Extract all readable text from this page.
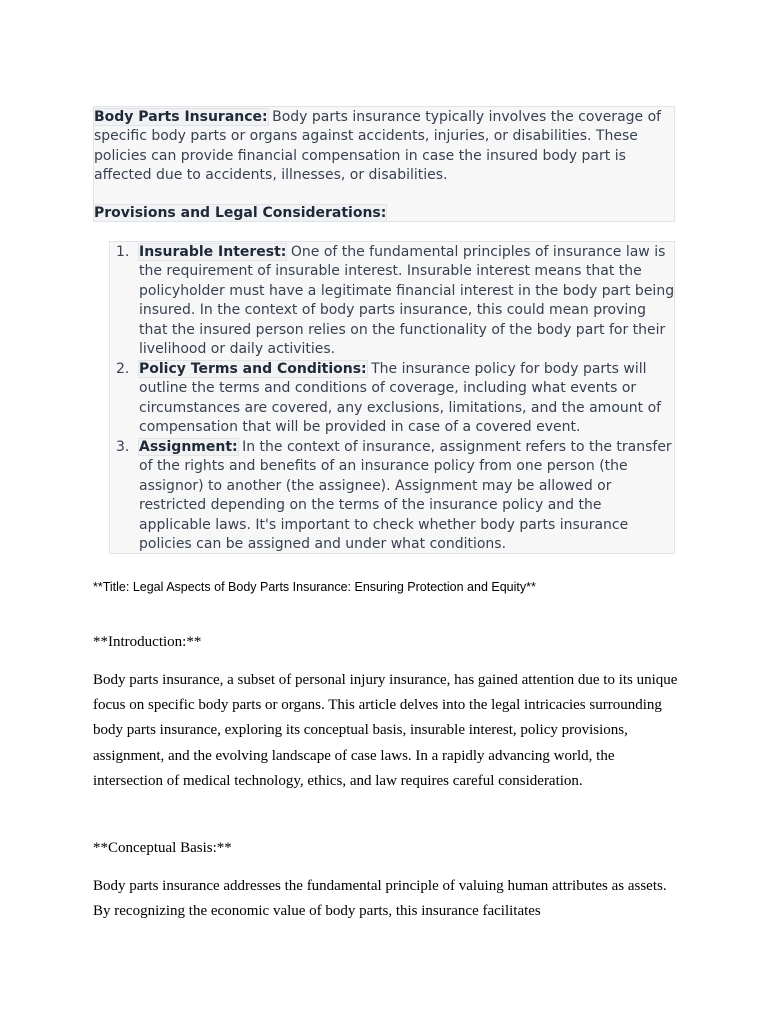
Body Parts Insurance: Body parts insurance typically involves the coverage of specific body parts or organs against accidents, injuries, or disabilities. These policies can provide financial compensation in case the insured body part is affected due to accidents, illnesses, or disabilities.

Provisions and Legal Considerations:

1. Insurable Interest: One of the fundamental principles of insurance law is the requirement of insurable interest. Insurable interest means that the policyholder must have a legitimate financial interest in the body part being insured. In the context of body parts insurance, this could mean proving that the insured person relies on the functionality of the body part for their livelihood or daily activities.

2. Policy Terms and Conditions: The insurance policy for body parts will outline the terms and conditions of coverage, including what events or circumstances are covered, any exclusions, limitations, and the amount of compensation that will be provided in case of a covered event.

3. Assignment: In the context of insurance, assignment refers to the transfer of the rights and benefits of an insurance policy from one person (the assignor) to another (the assignee). Assignment may be allowed or restricted depending on the terms of the insurance policy and the applicable laws. It's important to check whether body parts insurance policies can be assigned and under what conditions.

**Title: Legal Aspects of Body Parts Insurance: Ensuring Protection and Equity**
**Introduction:**

Body parts insurance, a subset of personal injury insurance, has gained attention due to its unique focus on specific body parts or organs. This article delves into the legal intricacies surrounding body parts insurance, exploring its conceptual basis, insurable interest, policy provisions, assignment, and the evolving landscape of case laws. In a rapidly advancing world, the intersection of medical technology, ethics, and law requires careful consideration.

**Conceptual Basis:**

Body parts insurance addresses the fundamental principle of valuing human attributes as assets. By recognizing the economic value of body parts, this insurance facilitates
